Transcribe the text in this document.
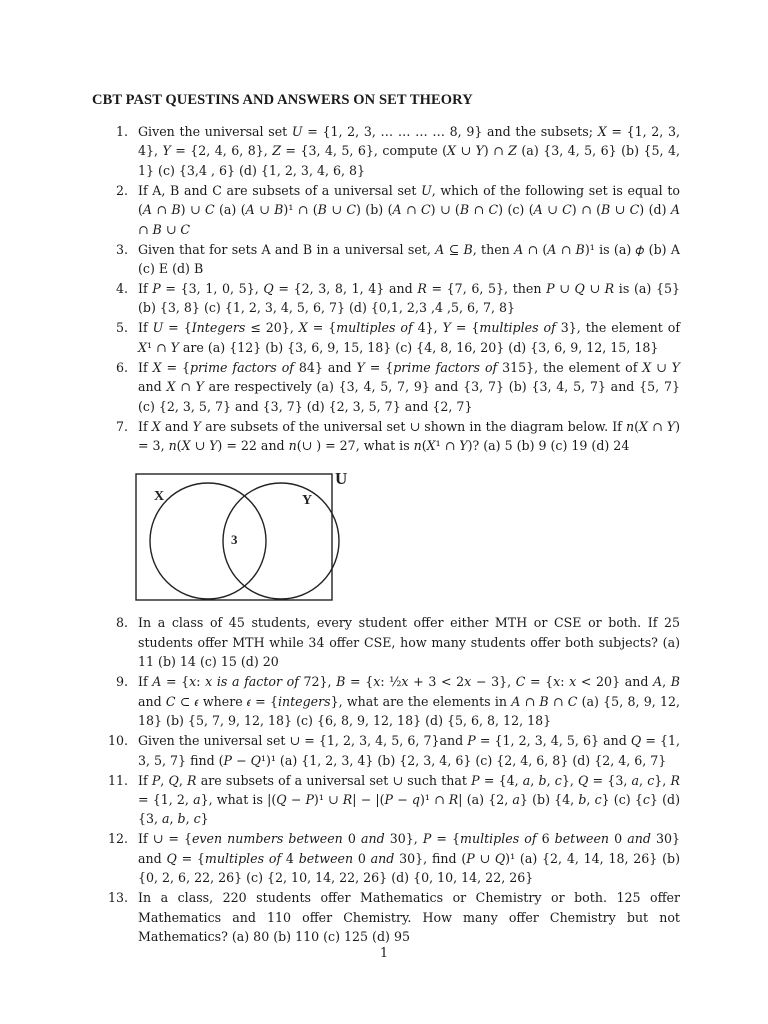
CBT PAST QUESTINS AND ANSWERS ON SET THEORY
1. Given the universal set 𝑈 = {1, 2, 3, … … … … 8, 9} and the subsets; 𝑋 = {1, 2, 3, 4}, 𝑌 = {2, 4, 6, 8}, 𝑍 = {3, 4, 5, 6}, compute (𝑋 ∪ 𝑌) ∩ 𝑍 (a) {3, 4, 5, 6} (b) {5, 4, 1} (c) {3,4 , 6} (d) {1, 2, 3, 4, 6, 8}
2. If A, B and C are subsets of a universal set 𝑈, which of the following set is equal to (𝐴 ∩ 𝐵) ∪ 𝐶 (a) (𝐴 ∪ 𝐵)¹ ∩ (𝐵 ∪ 𝐶) (b) (𝐴 ∩ 𝐶) ∪ (𝐵 ∩ 𝐶) (c) (𝐴 ∪ 𝐶) ∩ (𝐵 ∪ 𝐶) (d) 𝐴 ∩ 𝐵 ∪ 𝐶
3. Given that for sets A and B in a universal set, 𝐴 ⊆ 𝐵, then 𝐴 ∩ (𝐴 ∩ 𝐵)¹ is (a) 𝜙 (b) A (c) E (d) B
4. If 𝑃 = {3, 1, 0, 5}, 𝑄 = {2, 3, 8, 1, 4} and 𝑅 = {7, 6, 5}, then 𝑃 ∪ 𝑄 ∪ 𝑅 is (a) {5} (b) {3, 8} (c) {1, 2, 3, 4, 5, 6, 7} (d) {0,1, 2,3 ,4 ,5, 6, 7, 8}
5. If 𝑈 = {𝐼𝑛𝑡𝑒𝑔𝑒𝑟𝑠 ≤ 20}, 𝑋 = {𝑚𝑢𝑙𝑡𝑖𝑝𝑙𝑒𝑠 𝑜𝑓 4}, 𝑌 = {𝑚𝑢𝑙𝑡𝑖𝑝𝑙𝑒𝑠 𝑜𝑓 3}, the element of 𝑋¹ ∩ 𝑌 are (a) {12} (b) {3, 6, 9, 15, 18} (c) {4, 8, 16, 20} (d) {3, 6, 9, 12, 15, 18}
6. If 𝑋 = {𝑝𝑟𝑖𝑚𝑒 𝑓𝑎𝑐𝑡𝑜𝑟𝑠 𝑜𝑓 84} and 𝑌 = {𝑝𝑟𝑖𝑚𝑒 𝑓𝑎𝑐𝑡𝑜𝑟𝑠 𝑜𝑓 315}, the element of 𝑋 ∪ 𝑌 and 𝑋 ∩ 𝑌 are respectively (a) {3, 4, 5, 7, 9} and {3, 7} (b) {3, 4, 5, 7} and {5, 7} (c) {2, 3, 5, 7} and {3, 7} (d) {2, 3, 5, 7} and {2, 7}
7. If 𝑋 and 𝑌 are subsets of the universal set ∪ shown in the diagram below. If 𝑛(𝑋 ∩ 𝑌) = 3, 𝑛(𝑋 ∪ 𝑌) = 22 and 𝑛(∪ ) = 27, what is 𝑛(𝑋¹ ∩ 𝑌)? (a) 5 (b) 9 (c) 19 (d) 24
U
X	Y
3
8. In a class of 45 students, every student offer either MTH or CSE or both. If 25 students offer MTH while 34 offer CSE, how many students offer both subjects? (a) 11 (b) 14 (c) 15 (d) 20
9. If 𝐴 = {𝑥: 𝑥 𝑖𝑠 𝑎 𝑓𝑎𝑐𝑡𝑜𝑟 𝑜𝑓 72}, 𝐵 = {𝑥: ½𝑥 + 3 < 2𝑥 − 3}, 𝐶 = {𝑥: 𝑥 < 20} and 𝐴, 𝐵 and 𝐶 ⊂ 𝜖 where 𝜖 = {𝑖𝑛𝑡𝑒𝑔𝑒𝑟𝑠}, what are the elements in 𝐴 ∩ 𝐵 ∩ 𝐶 (a) {5, 8, 9, 12, 18} (b) {5, 7, 9, 12, 18} (c) {6, 8, 9, 12, 18} (d) {5, 6, 8, 12, 18}
10. Given the universal set ∪ = {1, 2, 3, 4, 5, 6, 7}and 𝑃 = {1, 2, 3, 4, 5, 6} and 𝑄 = {1, 3, 5, 7} find (𝑃 − 𝑄¹)¹ (a) {1, 2, 3, 4} (b) {2, 3, 4, 6} (c) {2, 4, 6, 8} (d) {2, 4, 6, 7}
11. If 𝑃, 𝑄, 𝑅 are subsets of a universal set ∪ such that 𝑃 = {4, 𝑎, 𝑏, 𝑐}, 𝑄 = {3, 𝑎, 𝑐}, 𝑅 = {1, 2, 𝑎}, what is |(𝑄 − 𝑃)¹ ∪ 𝑅| − |(𝑃 − 𝑞)¹ ∩ 𝑅| (a) {2, 𝑎} (b) {4, 𝑏, 𝑐} (c) {𝑐} (d) {3, 𝑎, 𝑏, 𝑐}
12. If ∪ = {𝑒𝑣𝑒𝑛 𝑛𝑢𝑚𝑏𝑒𝑟𝑠 𝑏𝑒𝑡𝑤𝑒𝑒𝑛 0 𝑎𝑛𝑑 30}, 𝑃 = {𝑚𝑢𝑙𝑡𝑖𝑝𝑙𝑒𝑠 𝑜𝑓 6 𝑏𝑒𝑡𝑤𝑒𝑒𝑛 0 𝑎𝑛𝑑 30} and 𝑄 = {𝑚𝑢𝑙𝑡𝑖𝑝𝑙𝑒𝑠 𝑜𝑓 4 𝑏𝑒𝑡𝑤𝑒𝑒𝑛 0 𝑎𝑛𝑑 30}, find (𝑃 ∪ 𝑄)¹ (a) {2, 4, 14, 18, 26} (b) {0, 2, 6, 22, 26} (c) {2, 10, 14, 22, 26} (d) {0, 10, 14, 22, 26}
13. In a class, 220 students offer Mathematics or Chemistry or both. 125 offer Mathematics and 110 offer Chemistry. How many offer Chemistry but not Mathematics? (a) 80 (b) 110 (c) 125 (d) 95
1
